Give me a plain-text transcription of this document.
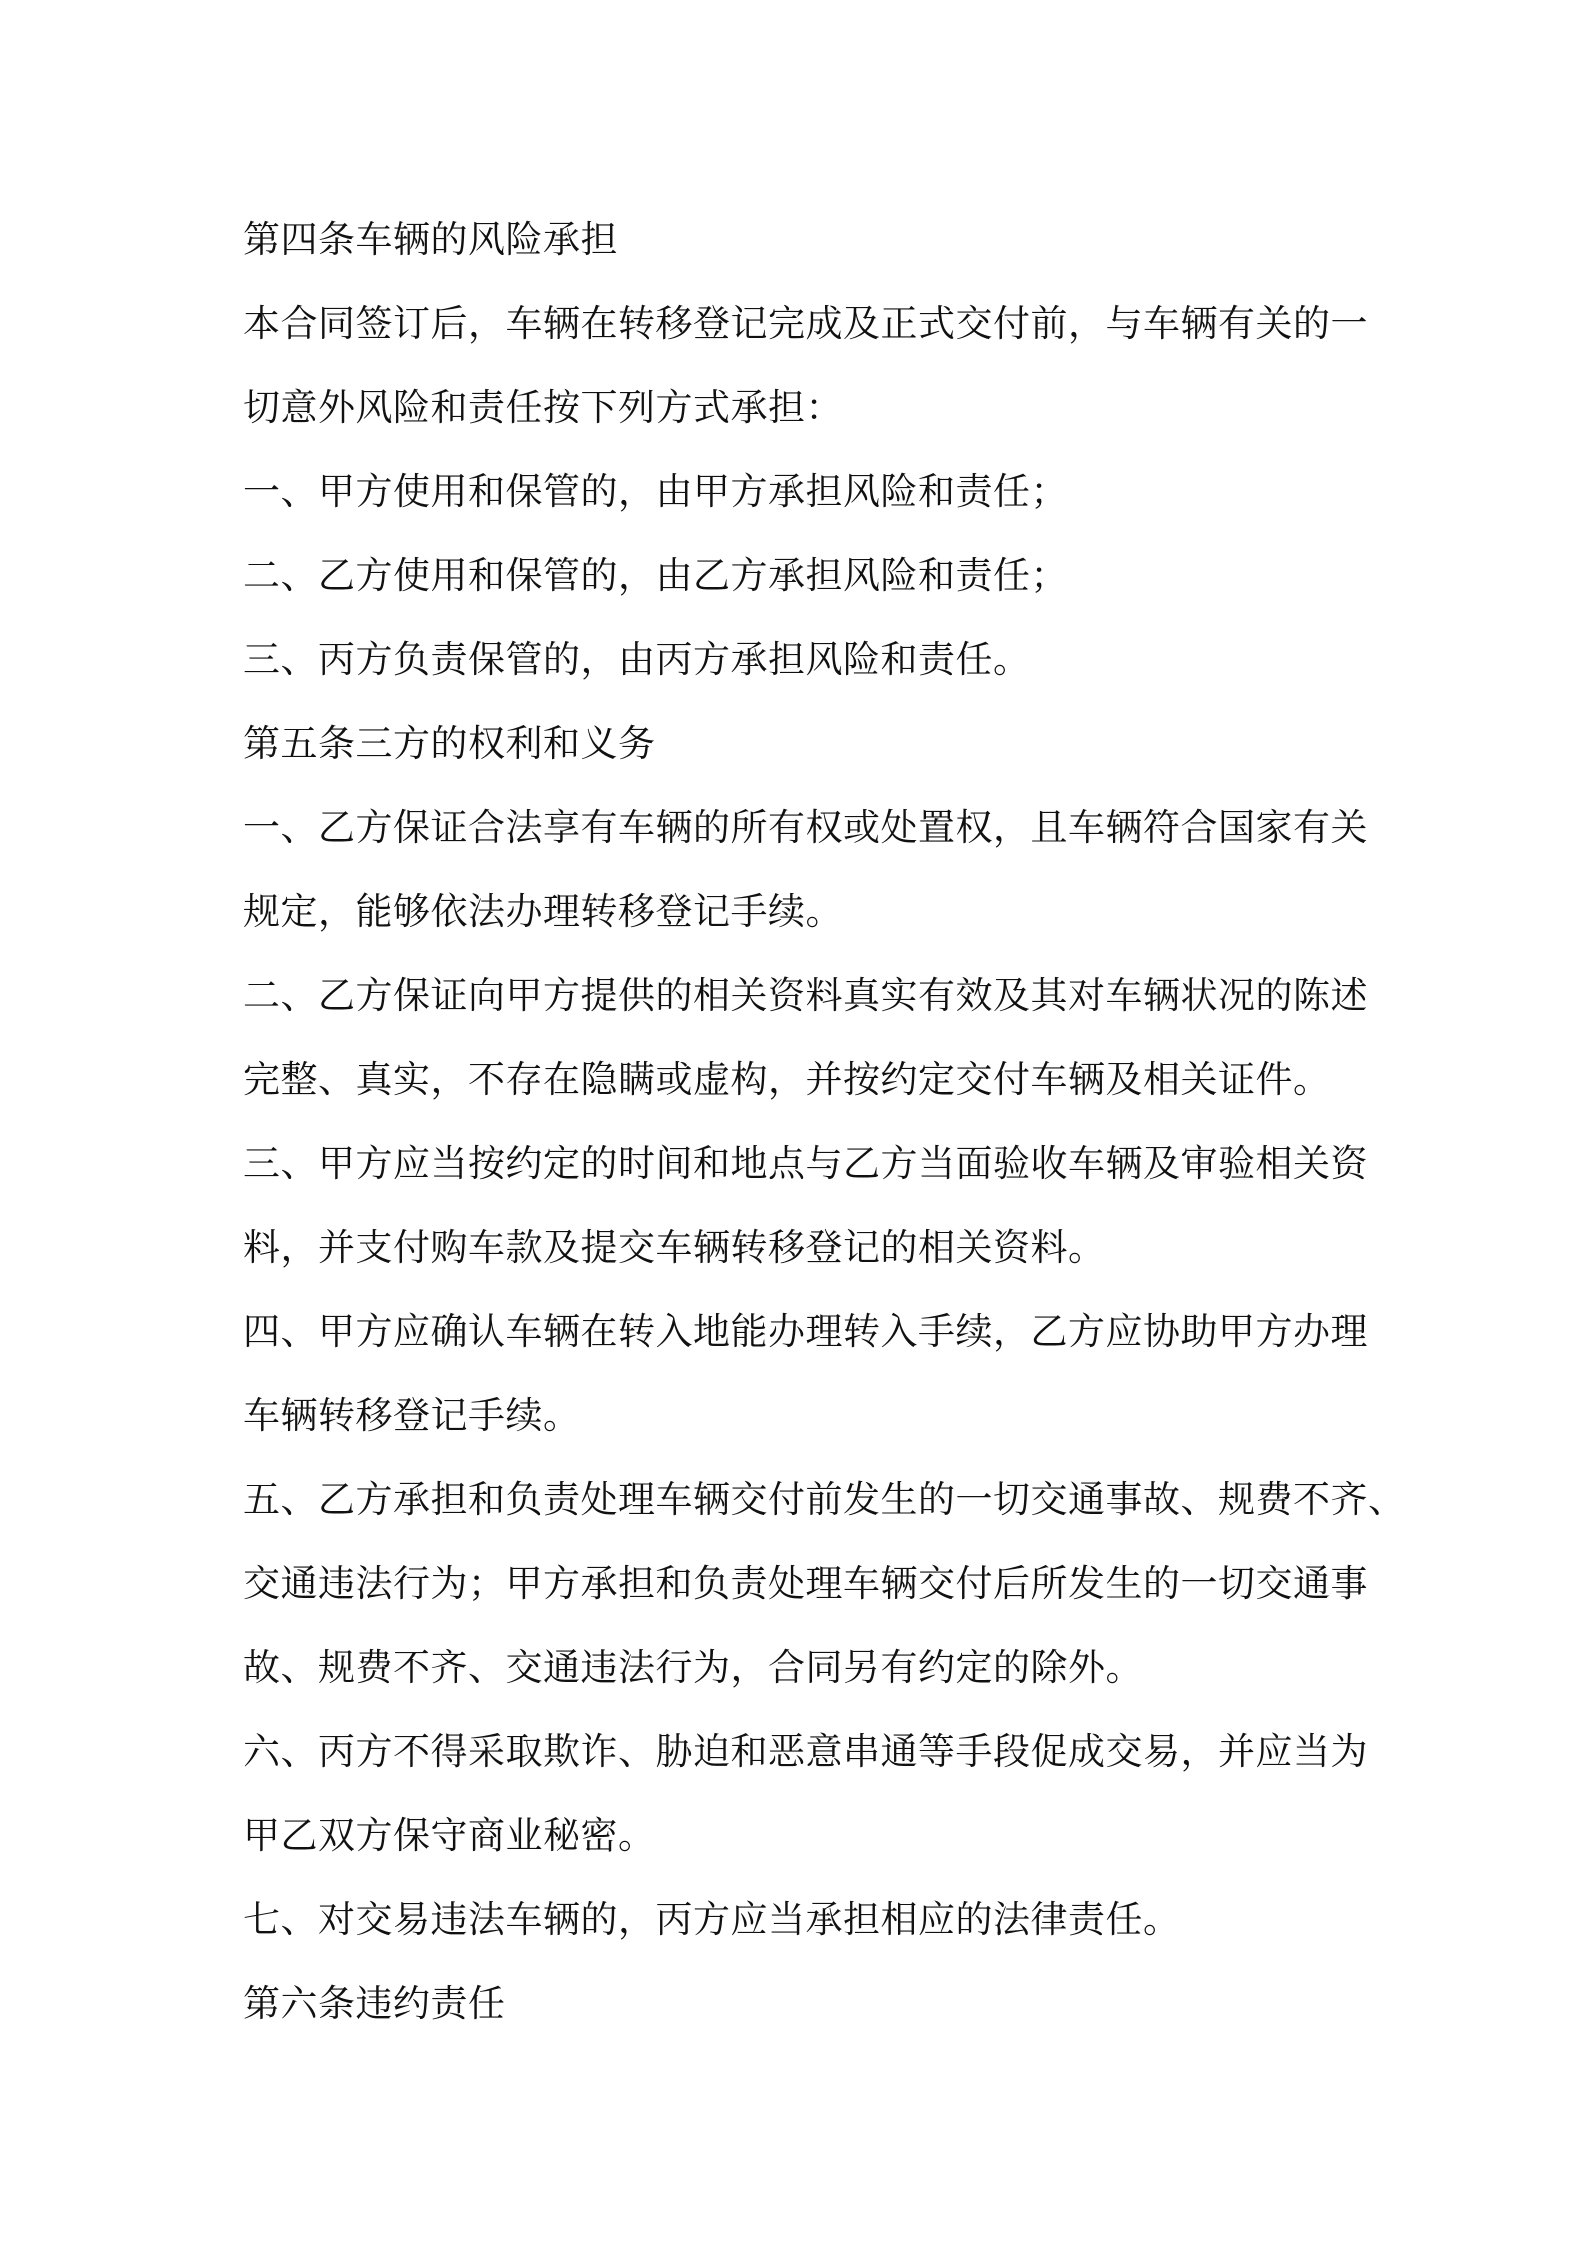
第四条车辆的风险承担
本合同签订后，车辆在转移登记完成及正式交付前，与车辆有关的一
切意外风险和责任按下列方式承担：
一、甲方使用和保管的，由甲方承担风险和责任；
二、乙方使用和保管的，由乙方承担风险和责任；
三、丙方负责保管的，由丙方承担风险和责任。
第五条三方的权利和义务
一、乙方保证合法享有车辆的所有权或处置权，且车辆符合国家有关
规定，能够依法办理转移登记手续。
二、乙方保证向甲方提供的相关资料真实有效及其对车辆状况的陈述
完整、真实，不存在隐瞒或虚构，并按约定交付车辆及相关证件。
三、甲方应当按约定的时间和地点与乙方当面验收车辆及审验相关资
料，并支付购车款及提交车辆转移登记的相关资料。
四、甲方应确认车辆在转入地能办理转入手续，乙方应协助甲方办理
车辆转移登记手续。
五、乙方承担和负责处理车辆交付前发生的一切交通事故、规费不齐、
交通违法行为；甲方承担和负责处理车辆交付后所发生的一切交通事
故、规费不齐、交通违法行为，合同另有约定的除外。
六、丙方不得采取欺诈、胁迫和恶意串通等手段促成交易，并应当为
甲乙双方保守商业秘密。
七、对交易违法车辆的，丙方应当承担相应的法律责任。
第六条违约责任
